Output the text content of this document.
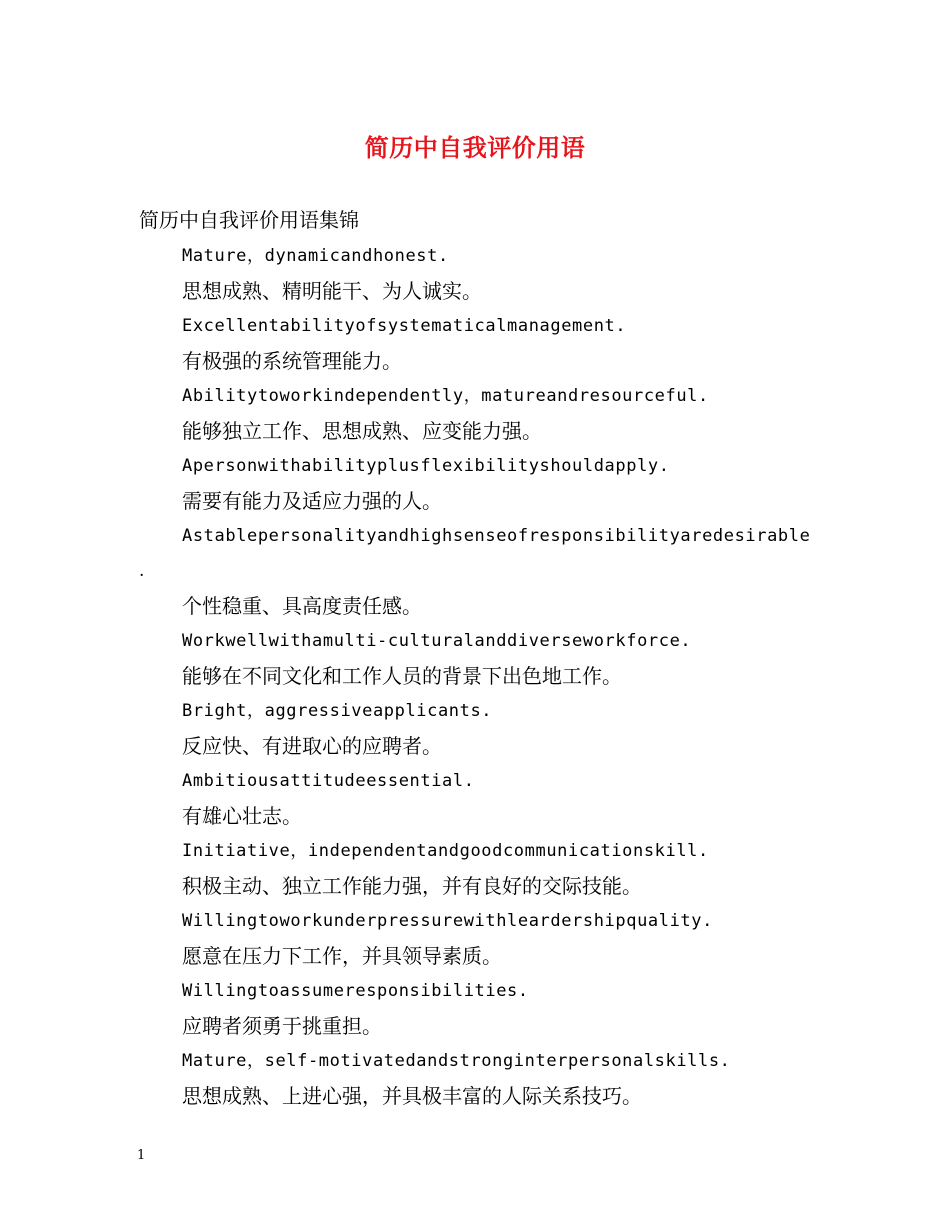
简历中自我评价用语
简历中自我评价用语集锦
Mature，dynamicandhonest.
思想成熟、精明能干、为人诚实。
Excellentabilityofsystematicalmanagement.
有极强的系统管理能力。
Abilitytoworkindependently，matureandresourceful.
能够独立工作、思想成熟、应变能力强。
Apersonwithabilityplusflexibilityshouldapply.
需要有能力及适应力强的人。
Astablepersonalityandhighsenseofresponsibilityaredesirable
.
个性稳重、具高度责任感。
Workwellwithamulti-culturalanddiverseworkforce.
能够在不同文化和工作人员的背景下出色地工作。
Bright，aggressiveapplicants.
反应快、有进取心的应聘者。
Ambitiousattitudeessential.
有雄心壮志。
Initiative，independentandgoodcommunicationskill.
积极主动、独立工作能力强，并有良好的交际技能。
Willingtoworkunderpressurewithleardershipquality.
愿意在压力下工作，并具领导素质。
Willingtoassumeresponsibilities.
应聘者须勇于挑重担。
Mature，self-motivatedandstronginterpersonalskills.
思想成熟、上进心强，并具极丰富的人际关系技巧。
1
